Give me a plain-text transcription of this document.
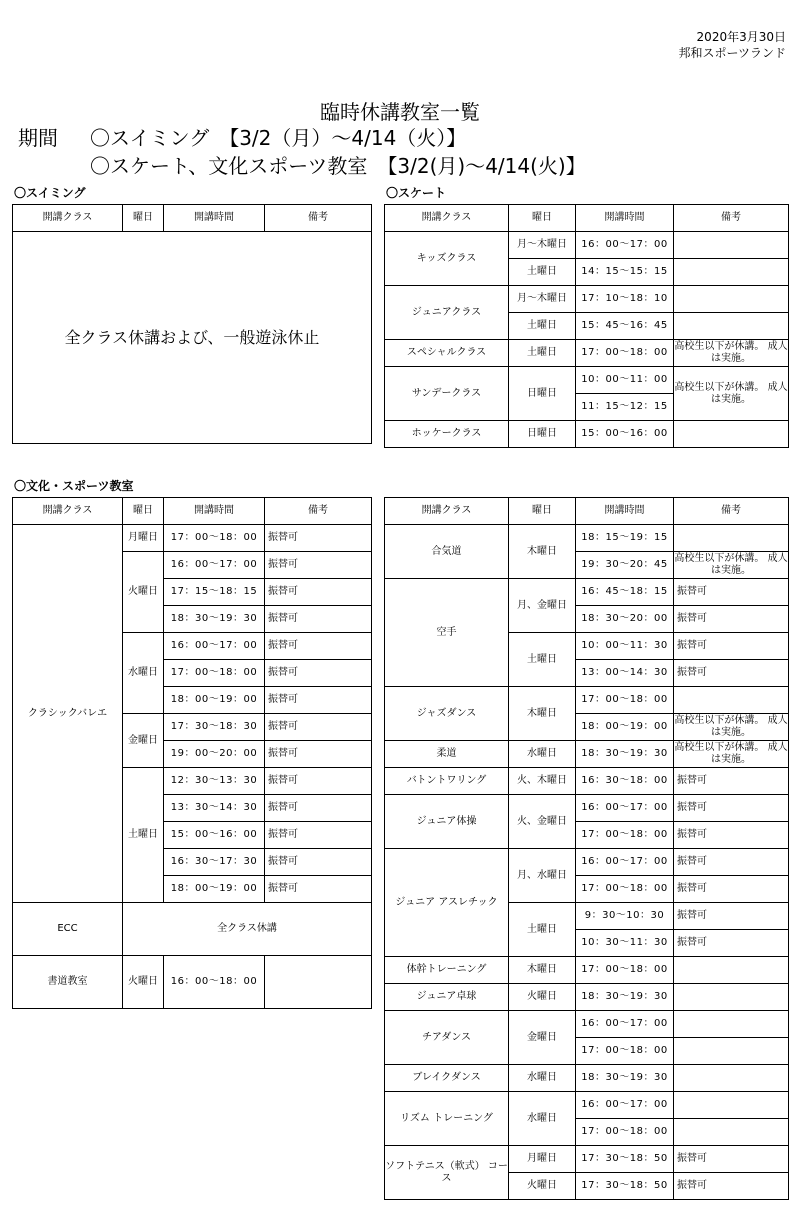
2020年3月30日
邦和スポーツランド
臨時休講教室一覧
期間 〇スイミング　【3/2（月）～4/14（火）】
〇スケート、文化スポーツ教室　【3/2(月)～4/14(火)】
〇スイミング
開講クラス	曜日	開講時間	備考
全クラス休講および、一般遊泳休止
〇スケート
開講クラス	曜日	開講時間	備考
キッズクラス	月～木曜日	16：00～17：00	
	土曜日	14：15～15：15	
ジュニアクラス	月～木曜日	17：10～18：10	
	土曜日	15：45～16：45	
スペシャルクラス	土曜日	17：00～18：00	高校生以下が休講。 成人は実施。
サンデークラス	日曜日	10：00～11：00	高校生以下が休講。 成人は実施。
		11：15～12：15	
ホッケークラス	日曜日	15：00～16：00	
〇文化・スポーツ教室
開講クラス	曜日	開講時間	備考
クラシックバレエ	月曜日	17：00～18：00	振替可
	火曜日	16：00～17：00	振替可
		17：15～18：15	振替可
		18：30～19：30	振替可
	水曜日	16：00～17：00	振替可
		17：00～18：00	振替可
		18：00～19：00	振替可
	金曜日	17：30～18：30	振替可
		19：00～20：00	振替可
	土曜日	12：30～13：30	振替可
		13：30～14：30	振替可
		15：00～16：00	振替可
		16：30～17：30	振替可
		18：00～19：00	振替可
ECC	全クラス休講		
書道教室	火曜日	16：00～18：00	
開講クラス	曜日	開講時間	備考
合気道	木曜日	18：15～19：15	
		19：30～20：45	高校生以下が休講。 成人は実施。
空手	月、金曜日	16：45～18：15	振替可
		18：30～20：00	振替可
	土曜日	10：00～11：30	振替可
		13：00～14：30	振替可
ジャズダンス	木曜日	17：00～18：00	
		18：00～19：00	高校生以下が休講。 成人は実施。
柔道	水曜日	18：30～19：30	高校生以下が休講。 成人は実施。
バトントワリング	火、木曜日	16：30～18：00	振替可
ジュニア体操	火、金曜日	16：00～17：00	振替可
		17：00～18：00	振替可
ジュニア アスレチック	月、水曜日	16：00～17：00	振替可
		17：00～18：00	振替可
	土曜日	9：30～10：30	振替可
		10：30～11：30	振替可
体幹トレーニング	木曜日	17：00～18：00	
ジュニア卓球	火曜日	18：30～19：30	
チアダンス	金曜日	16：00～17：00	
		17：00～18：00	
ブレイクダンス	水曜日	18：30～19：30	
リズム トレーニング	水曜日	16：00～17：00	
		17：00～18：00	
ソフトテニス（軟式） コース	月曜日	17：30～18：50	振替可
	火曜日	17：30～18：50	振替可
